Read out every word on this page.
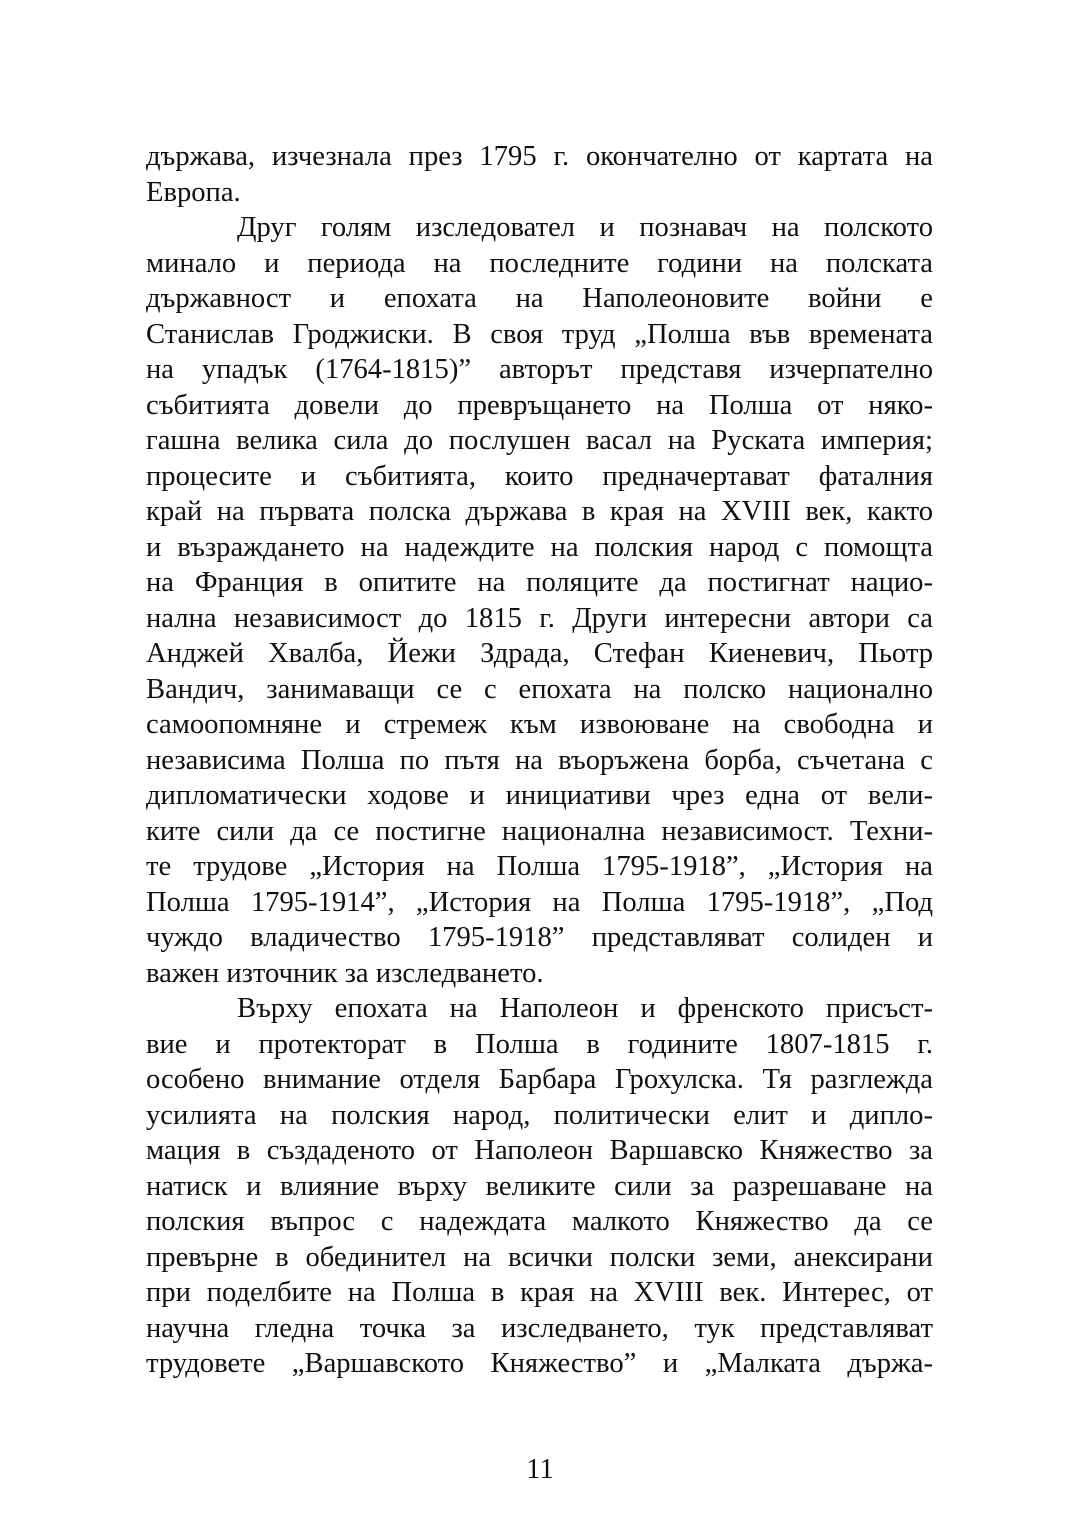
държава, изчезнала през 1795 г. окончателно от картата на
Европа.
Друг голям изследовател и познавач на полското
минало и периода на последните години на полската
държавност и епохата на Наполеоновите войни е
Станислав Гроджиски. В своя труд „Полша във времената
на упадък (1764-1815)” авторът представя изчерпателно
събитията довели до превръщането на Полша от няко-
гашна велика сила до послушен васал на Руската империя;
процесите и събитията, които предначертават фаталния
край на първата полска държава в края на XVIII век, както
и възраждането на надеждите на полския народ с помощта
на Франция в опитите на поляците да постигнат нацио-
нална независимост до 1815 г. Други интересни автори са
Анджей Хвалба, Йежи Здрада, Стефан Киеневич, Пьотр
Вандич, занимаващи се с епохата на полско национално
самоопомняне и стремеж към извоюване на свободна и
независима Полша по пътя на въоръжена борба, съчетана с
дипломатически ходове и инициативи чрез една от вели-
ките сили да се постигне национална независимост. Техни-
те трудове „История на Полша 1795-1918”, „История на
Полша 1795-1914”, „История на Полша 1795-1918”, „Под
чуждо владичество 1795-1918” представляват солиден и
важен източник за изследването.
Върху епохата на Наполеон и френското присъст-
вие и протекторат в Полша в годините 1807-1815 г.
особено внимание отделя Барбара Грохулска. Тя разглежда
усилията на полския народ, политически елит и дипло-
мация в създаденото от Наполеон Варшавско Княжество за
натиск и влияние върху великите сили за разрешаване на
полския въпрос с надеждата малкото Княжество да се
превърне в обединител на всички полски земи, анексирани
при поделбите на Полша в края на XVIII век. Интерес, от
научна гледна точка за изследването, тук представляват
трудовете „Варшавското Княжество” и „Малката държа-
11
